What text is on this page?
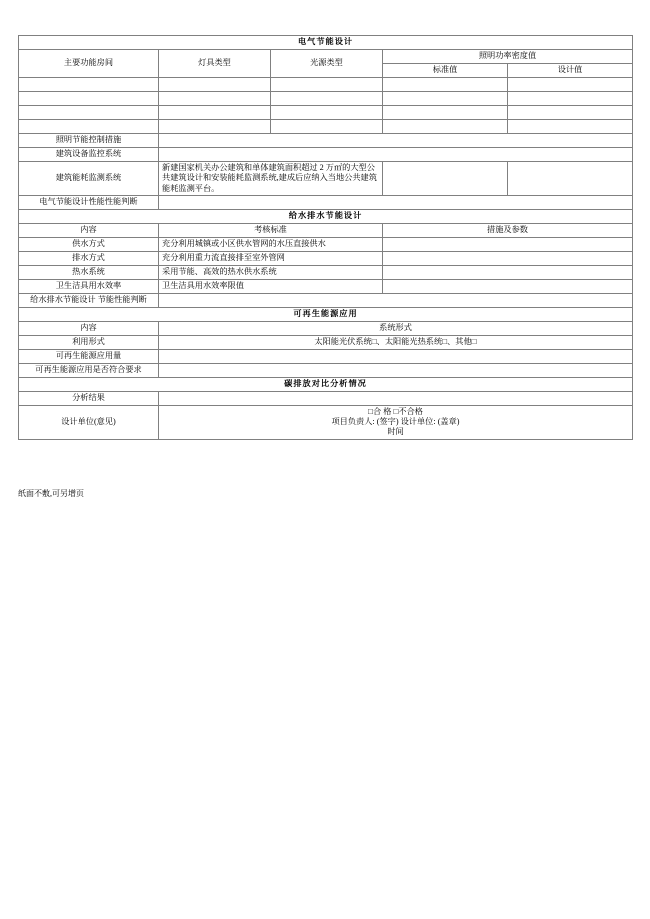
电气节能设计				
主要功能房间	灯具类型	光源类型	照明功率密度值	
			标准值	设计值

照明节能控制措施				
建筑设备监控系统				
建筑能耗监测系统	新建国家机关办公建筑和单体建筑面积超过 2 万㎡的大型公共建筑设计和安装能耗监测系统,建成后应纳入当地公共建筑能耗监测平台。			
电气节能设计性能性能判断				
给水排水节能设计				
内容	考核标准		措施及参数	
供水方式	充分利用城镇或小区供水管网的水压直接供水			
排水方式	充分利用重力流直接排至室外管网			
热水系统	采用节能、高效的热水供水系统			
卫生洁具用水效率	卫生洁具用水效率限值			
给水排水节能设计 节能性能判断				
可再生能源应用				
内容	系统形式			
利用形式	太阳能光伏系统□、太阳能光热系统□、其他□			
可再生能源应用量				
可再生能源应用是否符合要求				
碳排放对比分析情况				
分析结果				
设计单位(意见)	□合 格 □不合格
项目负责人: (签字) 设计单位: (盖章)
时间			
纸面不敷,可另增页
